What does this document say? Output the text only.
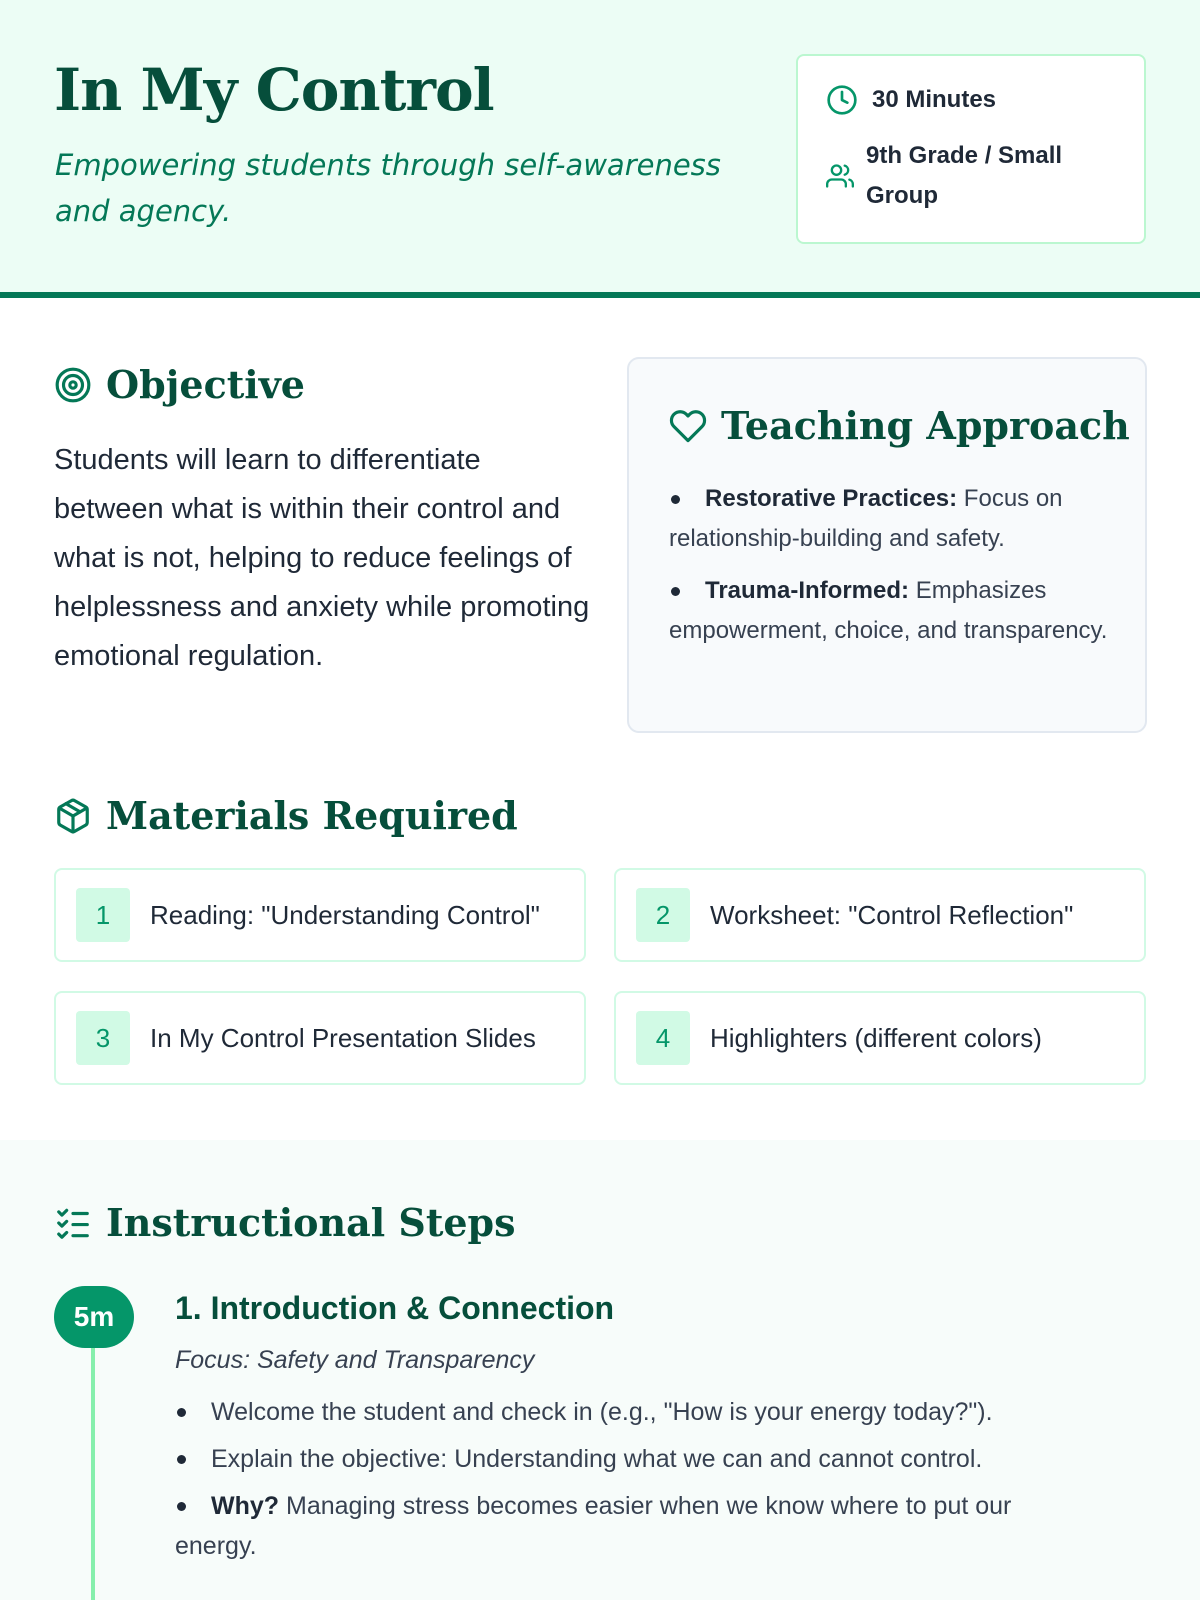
In My Control

Empowering students through self-awareness and agency.

30 Minutes
9th Grade / Small Group
Objective

Students will learn to differentiate between what is within their control and what is not, helping to reduce feelings of helplessness and anxiety while promoting emotional regulation.

Teaching Approach
Restorative Practices: Focus on relationship-building and safety.
Trauma-Informed: Emphasizes empowerment, choice, and transparency.
Materials Required
1	Reading: "Understanding Control"	2	Worksheet: "Control Reflection"
3	In My Control Presentation Slides	4	Highlighters (different colors)
Instructional Steps
5m	1. Introduction & Connection

Focus: Safety and Transparency

Welcome the student and check in (e.g., "How is your energy today?").
Explain the objective: Understanding what we can and cannot control.
Why? Managing stress becomes easier when we know where to put our energy.
